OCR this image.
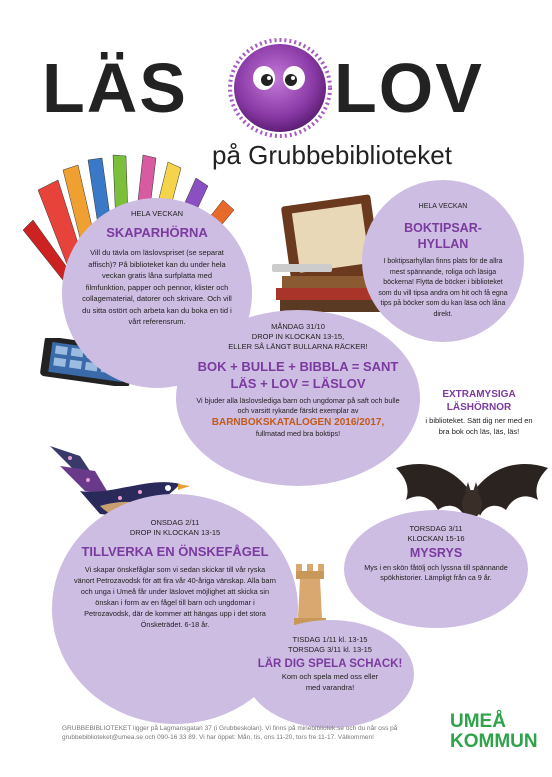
LÄS LOV
på Grubbebiblioteket
HELA VECKAN
SKAPARHÖRNA
Vill du tävla om läslovspriset (se separat affisch)? På biblioteket kan du under hela veckan gratis låna surfplatta med filmfunktion, papper och pennor, klister och collagematerial, datorer och skrivare. Och vill du sitta ostört och arbeta kan du boka en tid i vårt referensrum.
HELA VECKAN
BOKTIPSAR-
HYLLAN
I boktipsarhyllan finns plats för de allra mest spännande, roliga och läsiga böckerna! Flytta de böcker i biblioteket som du vill tipsa andra om hit och få egna tips på böcker som du kan läsa och låna direkt.
MÅNDAG 31/10
DROP IN KLOCKAN 13-15,
ELLER SÅ LÄNGT BULLARNA RÄCKER!
BOK + BULLE + BIBBLA = SANT
LÄS + LOV = LÄSLOV
Vi bjuder alla läslovslediga barn och ungdomar på saft och bulle och varsitt rykande färskt exemplar av
BARNBOKSKATALOGEN 2016/2017,
fullmatad med bra boktips!
EXTRAMYSIGA
LÄSHÖRNOR
i biblioteket. Sätt dig ner med en bra bok och läs, läs, läs!
ONSDAG 2/11
DROP IN KLOCKAN 13-15
TILLVERKA EN ÖNSKEFÅGEL
Vi skapar önskefåglar som vi sedan skickar till vår ryska vänort Petrozavodsk för att fira vår 40-åriga vänskap. Alla barn och unga i Umeå får under läslovet möjlighet att skicka sin önskan i form av en fågel till barn och ungdomar i Petrozavodsk, där de kommer att hängas upp i det stora Önsketrädet. 6-18 år.
TORSDAG 3/11
KLOCKAN 15-16
MYSRYS
Mys i en skön fåtölj och lyssna till spännande spökhistorier. Lämpligt från ca 9 år.
TISDAG 1/11 kl. 13-15
TORSDAG 3/11 kl. 13-15
LÄR DIG SPELA SCHACK!
Kom och spela med oss eller med varandra!
GRUBBEBIBLIOTEKET ligger på Lagmansgatan 37 (i Grubbeskolan). Vi finns på minebibliotek.se och du når oss på grubbebiblioteket@umea.se och 090-16 33 89. Vi har öppet: Mån, tis, ons 11-20, tors fre 11-17. Välkommen!
UMEÅ
KOMMUN
